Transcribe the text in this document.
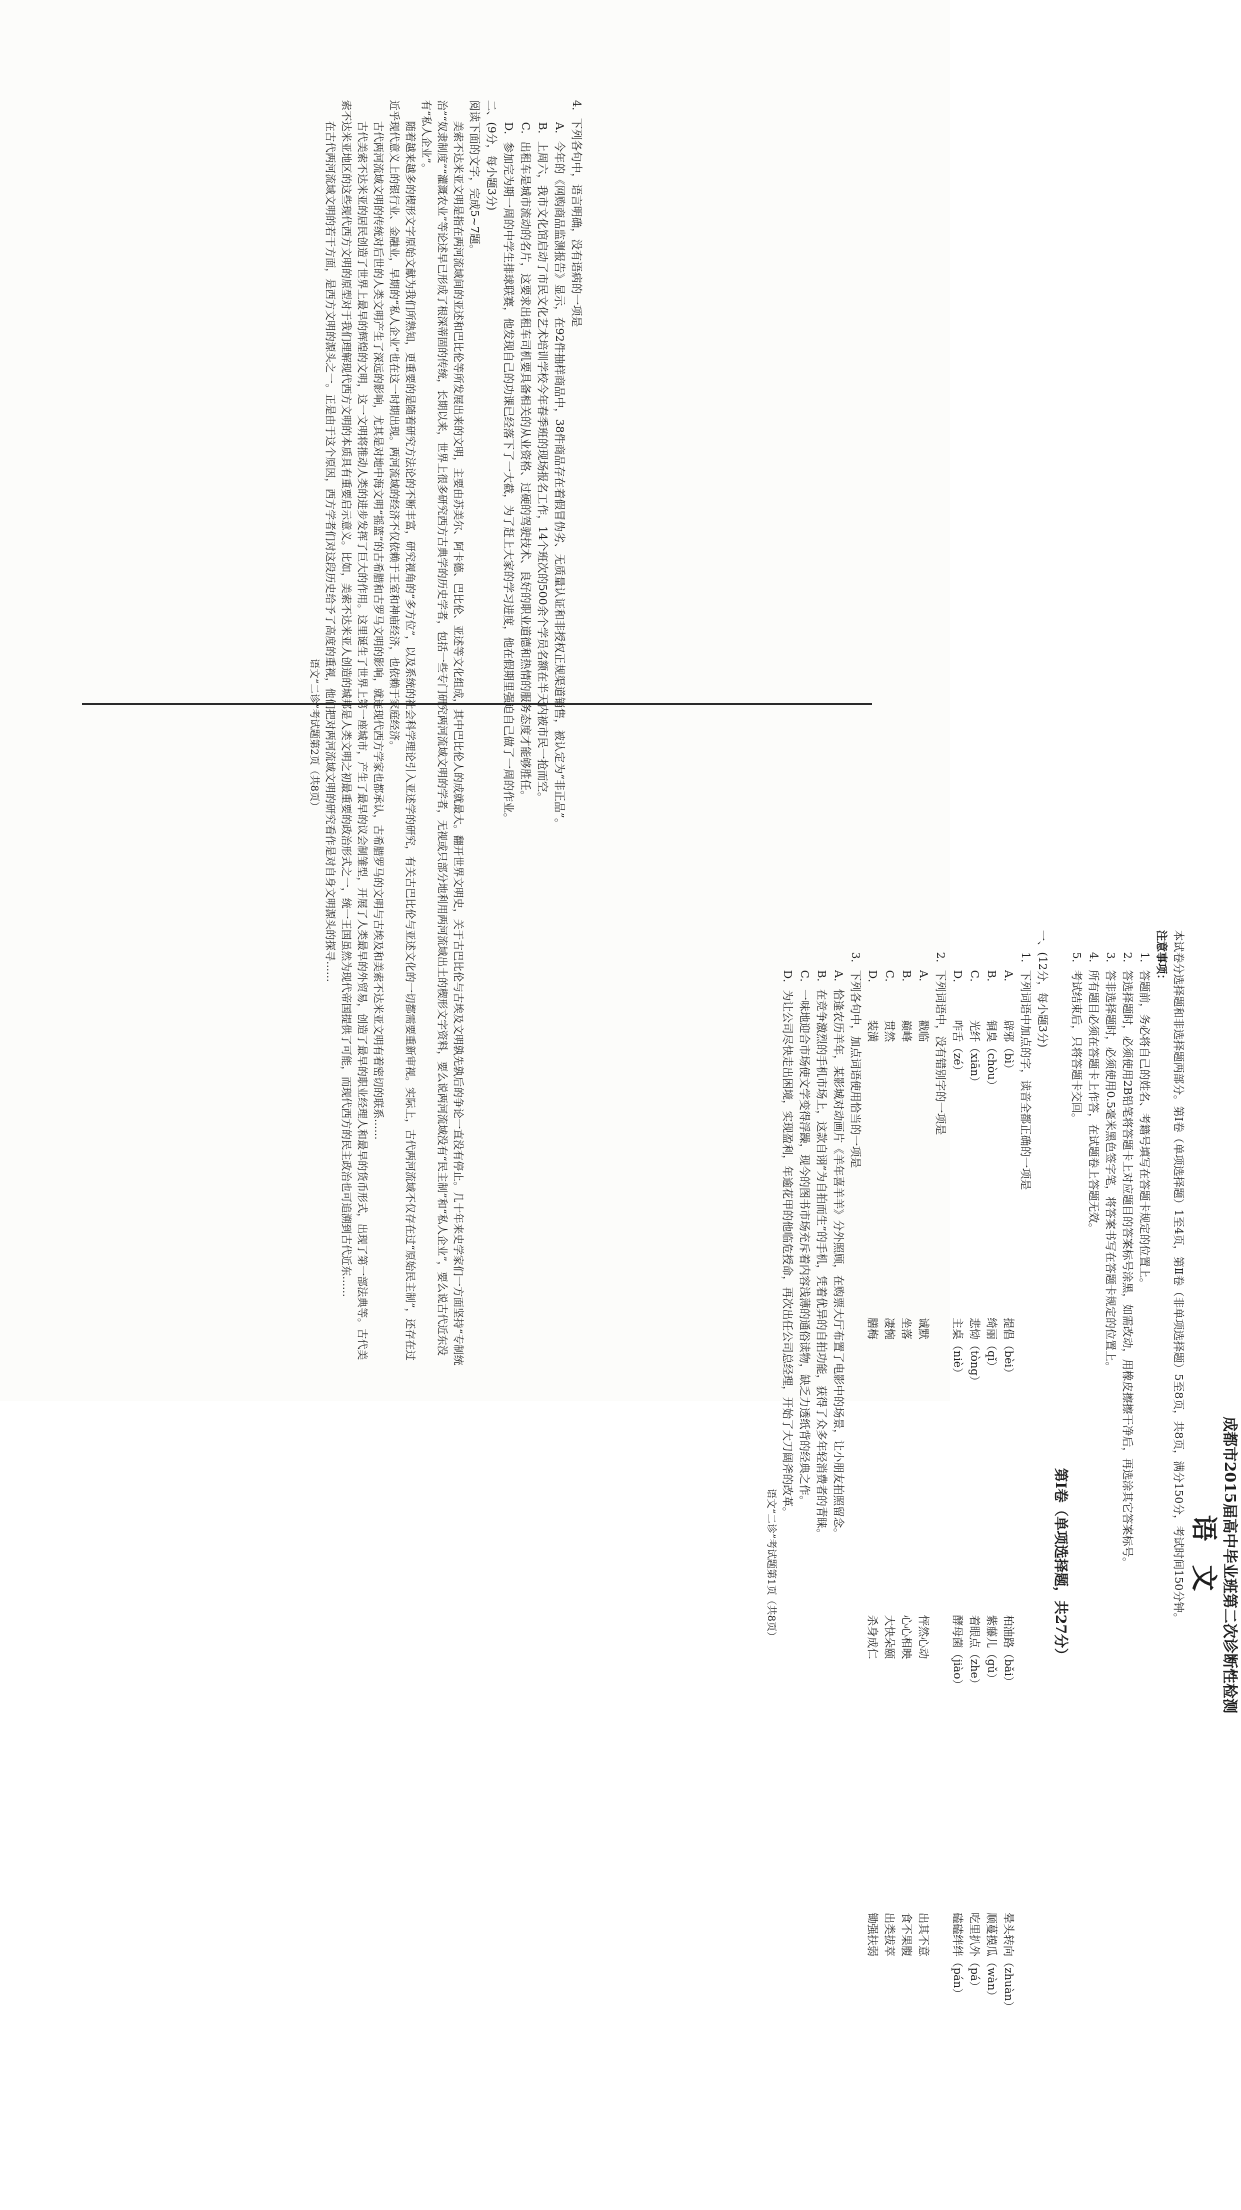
成都市2015届高中毕业班第二次诊断性检测
语文

本试卷分选择题和非选择题两部分。第Ⅰ卷（单项选择题）1至4页，第Ⅱ卷（非单项选择题）5至8页，共8页，满分150分，考试时间150分钟。

注意事项：

1．答题前，务必将自己的姓名、考籍号填写在答题卡规定的位置上。

2．答选择题时，必须使用2B铅笔将答题卡上对应题目的答案标号涂黑，如需改动，用橡皮擦擦干净后，再选涂其它答案标号。

3．答非选择题时，必须使用0.5毫米黑色签字笔，将答案书写在答题卡规定的位置上。

4．所有题目必须在答题卡上作答，在试题卷上答题无效。

5．考试结束后，只将答题卡交回。

第Ⅰ卷（单项选择题，共27分）

一、(12分，每小题3分)

1．下列词语中加点的字，读音全都正确的一项是

A．
辟邪（bì）
提倡（bèi）
柏油路（bǎi）
晕头转向（zhuàn）
B．
铜臭（chòu）
绮丽（qǐ）
紫藤儿（gǔ）
顺蔓摸瓜（wàn）
C．
光纤（xiān）
悲恸（tòng）
着眼点（zhe）
吃里扒外（pá）
D．
咋舌（zé）
主桌（niè）
酵母菌（jiào）
磕磕绊绊（pán）

2．下列词语中，没有错别字的一项是

A．
戳临
诚默
怦然心动
出其不意
B．
巅峰
坐落
心心相映
食不果腹
C．
贯然
凄惋
大快朵颐
出类拔萃
D．
装潢
膳梅
杀身成仁
锄强扶弱

3．下列各句中，加点词语使用恰当的一项是

A．恰逢农历羊年，某影城对动画片《羊年喜羊羊》分外照顾，在购票大厅布置了电影中的场景，让小朋友拍照留念。

B．在竞争激烈的手机市场上，这款自诩“为自拍而生”的手机，凭着优异的自拍功能，获得了众多年轻消费者的青睐。

C．一味地迎合市场使文学变得浮躁，现今的图书市场充斥着内容浅薄的通俗读物，缺乏力透纸背的经典之作。

D．为让公司尽快走出困境，实现盈利，年逾花甲的他临危授命，再次出任公司总经理，开始了大刀阔斧的改革。

语文“二诊”考试题第1页（共8页）

4．下列各句中，语言明确，没有语病的一项是

A．今年的《网购商品监测报告》显示，在92件抽样商品中，38件商品存在着假冒伪劣、无质量认证和非授权正规渠道销售，被认定为“非正品”。

B．上周六，我市文化馆启动了市民文化艺术培训学校今年春季班的现场报名工作，14个班次的500余个学员名额在半天内被市民一抢而空。

C．出租车是城市流动的名片，这要求出租车司机要具备相关的从业资格、过硬的驾驶技术、良好的职业道德和热情的服务态度才能够胜任。

D．参加完为期一周的中学生排球联赛，他发现自己的功课已经落下了一大截，为了赶上大家的学习进度，他在假期里强迫自己做了一周的作业。

二、(9分，每小题3分)

阅读下面的文字，完成5~7题。

美索不达米亚文明是指在两河流域间的亚述和巴比伦等所发展出来的文明，主要由苏美尔、阿卡德、巴比伦、亚述等文化组成，其中巴比伦人的成就最大。翻开世界文明史，关于古巴比伦与古埃及文明孰先孰后的争论一直没有停止。几十年来史学家们一方面坚持“专制统治”“奴隶制度”“灌溉农业”等论述早已形成了根深蒂固的传统，长期以来，世界上很多研究西方古典学的历史学者，包括一些专门研究两河流域文明的学者，无视或只部分地利用两河流域出土的楔形文字资料，要么说两河流域没有“民主制”和“私人企业”，要么说古代近东没有“私人企业”。

随着越来越多的楔形文字原始文献为我们所熟知，更重要的是随着研究方法论的不断丰富，研究视角的“多方位”，以及系统的社会科学理论引入亚述学的研究，有关古巴比伦与亚述文化的一切都需要重新审视。实际上，古代两河流域不仅存在过“原始民主制”，还存在过近乎现代意义上的银行业、金融业，早期的“私人企业”也在这一时期出现。两河流域的经济不仅依赖于王室和神庙经济，也依赖于家庭经济。

古代两河流域文明的传统对后世的人类文明产生了深远的影响，尤其是对地中海文明“摇篮”的古希腊和古罗马文明的影响，就连现代西方学家也都承认，古希腊罗马的文明与古埃及和美索不达米亚文明有着密切的联系……

古代美索不达米亚的居民创造了世界上最早的辉煌的文明，这一文明将推动人类的进步发挥了巨大的作用。这里诞生了世界上第一座城市，产生了最早的议会制雏型，开展了人类最早的外贸易，创造了最早的职业经理人和最早的货币形式，出现了第一部法典等。古代美索不达米亚地区的这些现代西方文明的原型对于我们理解现代西方文明的本质具有重要启示意义。比如，美索不达米亚人创造的城邦是人类文明之初最重要的政治形式之一，统一王国虽然为现代帝国提供了可能，而现代西方的民主政治也可追溯到古代近东……

在古代两河流域文明的若干方面，是西方文明的源头之一。正是由于这个原因，西方学者们对这段历史给予了高度的重视，他们把对两河流域文明的研究看作是对自身文明源头的探寻……

语文“二诊”考试题第2页（共8页）
